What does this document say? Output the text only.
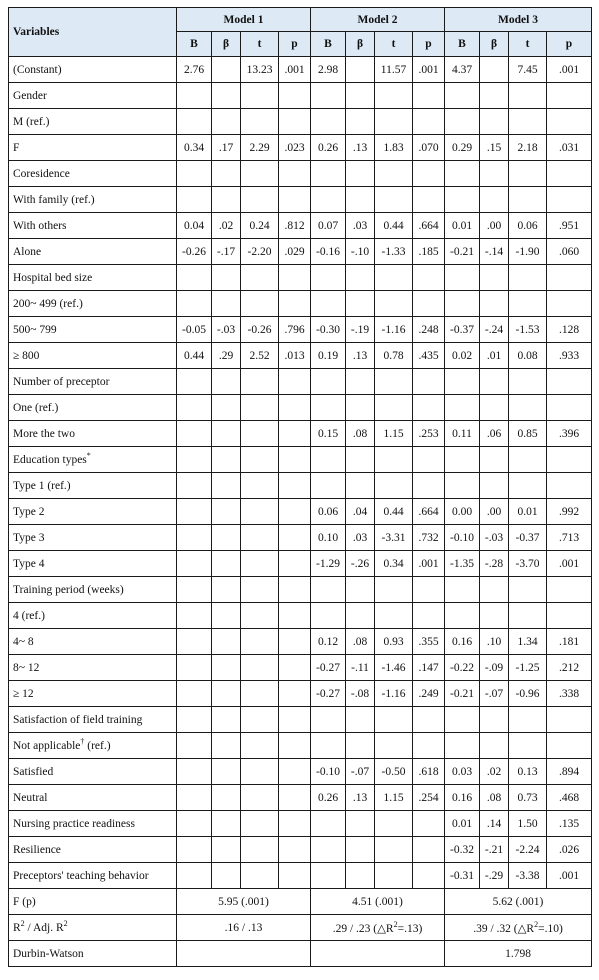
Variables	Model 1				Model 2				Model 3			
	B	β	t	p	B	β	t	p	B	β	t	p
(Constant)	2.76		13.23	.001	2.98		11.57	.001	4.37		7.45	.001
Gender												
M (ref.)												
F	0.34	.17	2.29	.023	0.26	.13	1.83	.070	0.29	.15	2.18	.031
Coresidence												
With family (ref.)												
With others	0.04	.02	0.24	.812	0.07	.03	0.44	.664	0.01	.00	0.06	.951
Alone	-0.26	-.17	-2.20	.029	-0.16	-.10	-1.33	.185	-0.21	-.14	-1.90	.060
Hospital bed size												
200~ 499 (ref.)												
500~ 799	-0.05	-.03	-0.26	.796	-0.30	-.19	-1.16	.248	-0.37	-.24	-1.53	.128
≥ 800	0.44	.29	2.52	.013	0.19	.13	0.78	.435	0.02	.01	0.08	.933
Number of preceptor												
One (ref.)												
More the two					0.15	.08	1.15	.253	0.11	.06	0.85	.396
Education types*												
Type 1 (ref.)												
Type 2					0.06	.04	0.44	.664	0.00	.00	0.01	.992
Type 3					0.10	.03	-3.31	.732	-0.10	-.03	-0.37	.713
Type 4					-1.29	-.26	0.34	.001	-1.35	-.28	-3.70	.001
Training period (weeks)												
4 (ref.)												
4~ 8					0.12	.08	0.93	.355	0.16	.10	1.34	.181
8~ 12					-0.27	-.11	-1.46	.147	-0.22	-.09	-1.25	.212
≥ 12					-0.27	-.08	-1.16	.249	-0.21	-.07	-0.96	.338
Satisfaction of field training												
Not applicable† (ref.)												
Satisfied					-0.10	-.07	-0.50	.618	0.03	.02	0.13	.894
Neutral					0.26	.13	1.15	.254	0.16	.08	0.73	.468
Nursing practice readiness									0.01	.14	1.50	.135
Resilience									-0.32	-.21	-2.24	.026
Preceptors' teaching behavior									-0.31	-.29	-3.38	.001
F (p)	5.95 (.001)				4.51 (.001)				5.62 (.001)			
$R^2$ / Adj. $R^2$	.16 / .13				.29 / .23 $(\triangle R^2=.13)$				.39 / .32 $(\triangle R^2=.10)$			
Durbin-Watson									1.798			
